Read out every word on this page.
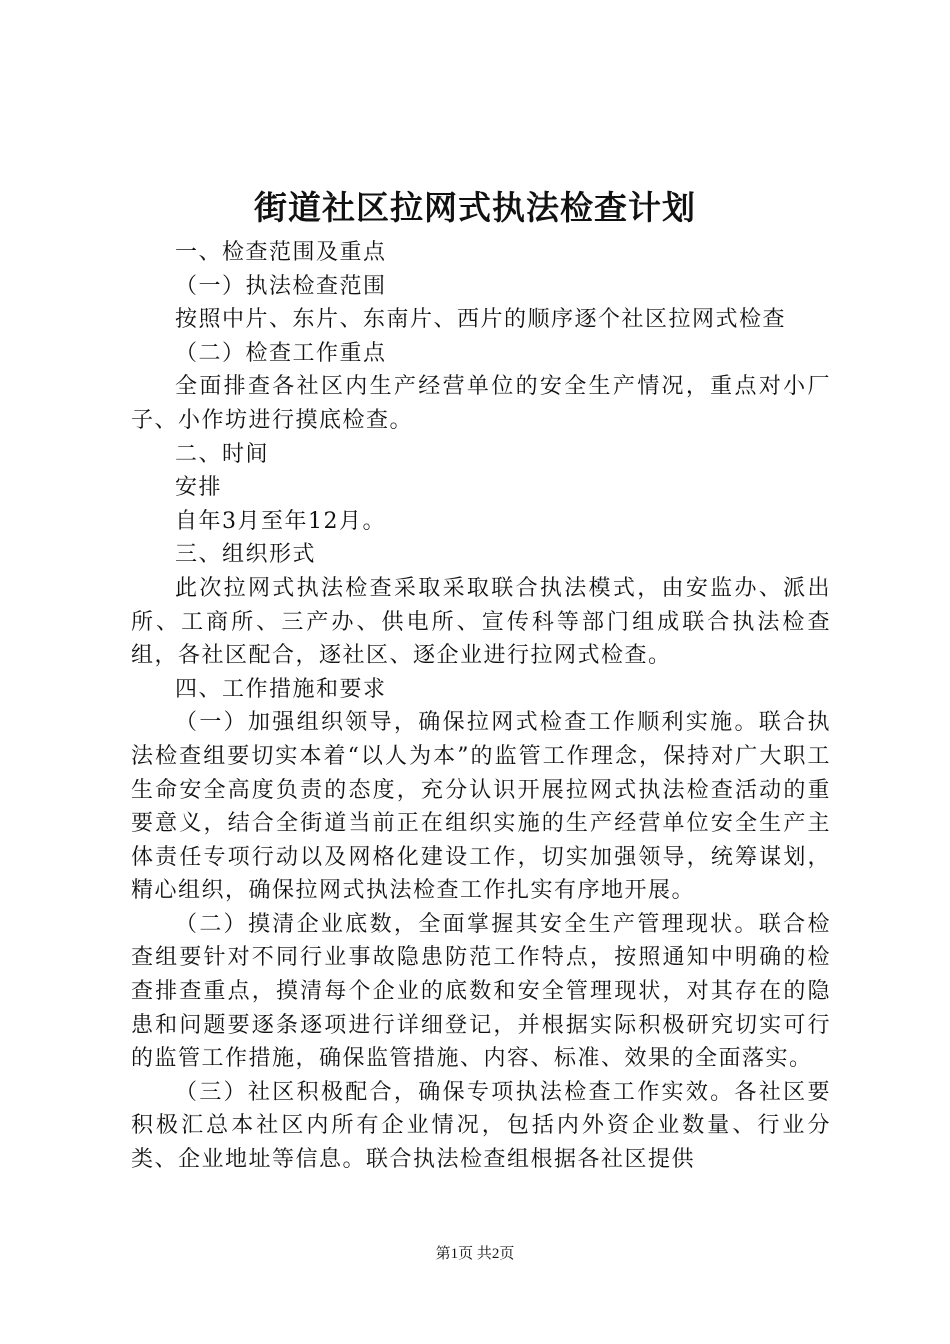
街道社区拉网式执法检查计划

一、检查范围及重点

（一）执法检查范围

按照中片、东片、东南片、西片的顺序逐个社区拉网式检查

（二）检查工作重点

全面排查各社区内生产经营单位的安全生产情况，重点对小厂子、小作坊进行摸底检查。

二、时间

安排

自年3月至年12月。

三、组织形式

此次拉网式执法检查采取采取联合执法模式，由安监办、派出所、工商所、三产办、供电所、宣传科等部门组成联合执法检查组，各社区配合，逐社区、逐企业进行拉网式检查。

四、工作措施和要求

（一）加强组织领导，确保拉网式检查工作顺利实施。联合执法检查组要切实本着“以人为本”的监管工作理念，保持对广大职工生命安全高度负责的态度，充分认识开展拉网式执法检查活动的重要意义，结合全街道当前正在组织实施的生产经营单位安全生产主体责任专项行动以及网格化建设工作，切实加强领导，统筹谋划，精心组织，确保拉网式执法检查工作扎实有序地开展。

（二）摸清企业底数，全面掌握其安全生产管理现状。联合检查组要针对不同行业事故隐患防范工作特点，按照通知中明确的检查排查重点，摸清每个企业的底数和安全管理现状，对其存在的隐患和问题要逐条逐项进行详细登记，并根据实际积极研究切实可行的监管工作措施，确保监管措施、内容、标准、效果的全面落实。

（三）社区积极配合，确保专项执法检查工作实效。各社区要积极汇总本社区内所有企业情况，包括内外资企业数量、行业分类、企业地址等信息。联合执法检查组根据各社区提供

第1页 共2页
